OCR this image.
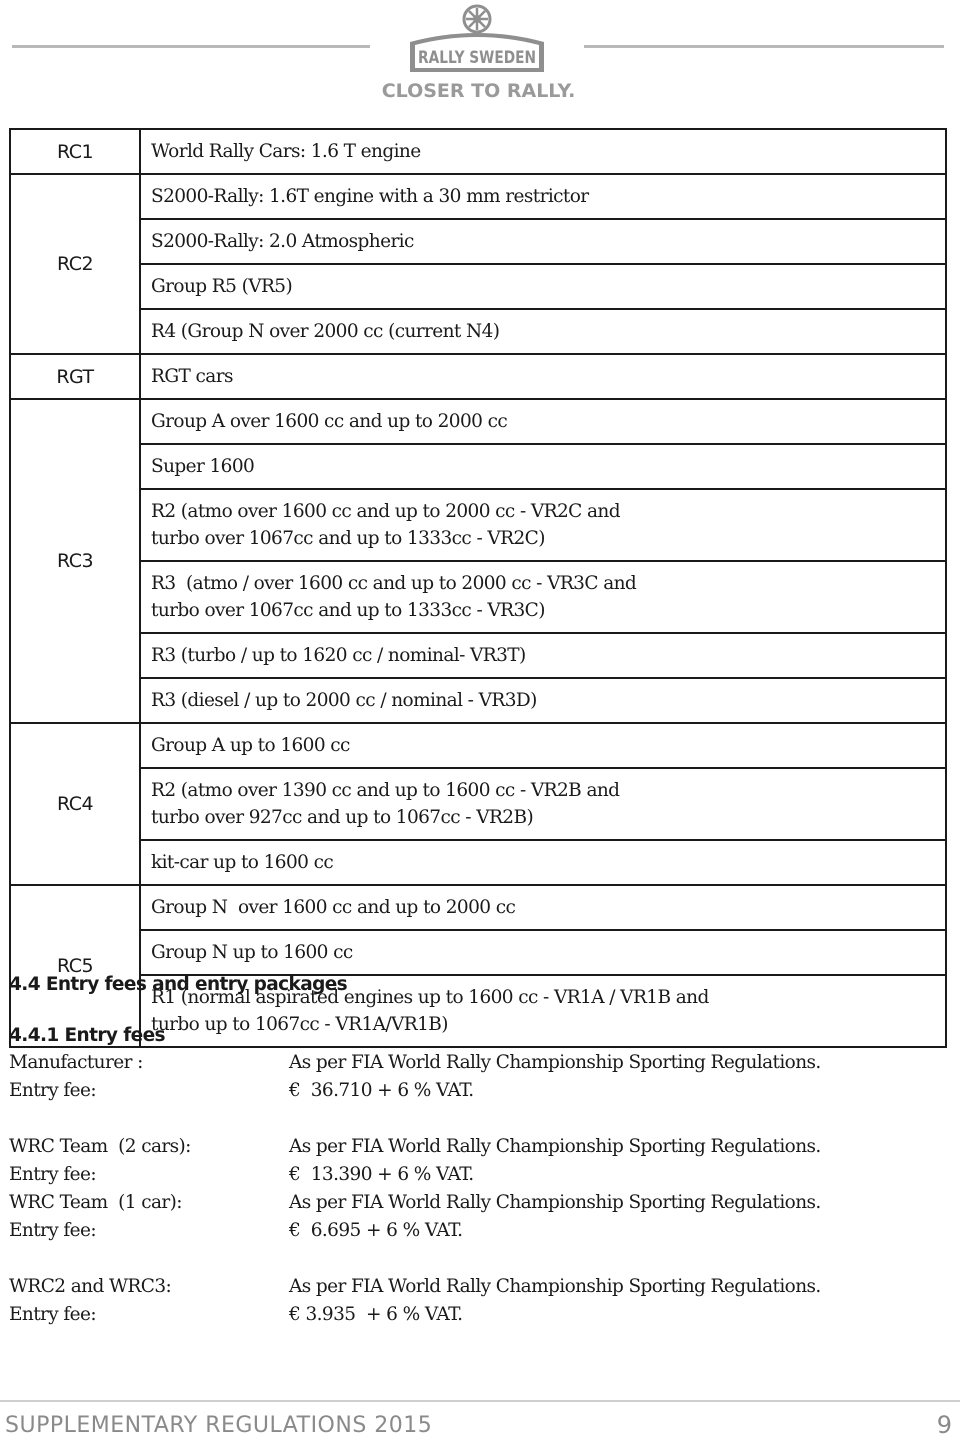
RALLY SWEDEN
CLOSER TO RALLY.
RC1	World Rally Cars: 1.6 T engine

RC2	S2000-Rally: 1.6T engine with a 30 mm restrictor

	S2000-Rally: 2.0 Atmospheric

	Group R5 (VR5)

	R4 (Group N over 2000 cc (current N4)

RGT	RGT cars

RC3	Group A over 1600 cc and up to 2000 cc

	Super 1600

	R2 (atmo over 1600 cc and up to 2000 cc - VR2C and
turbo over 1067cc and up to 1333cc - VR2C)

	R3  (atmo / over 1600 cc and up to 2000 cc - VR3C and
turbo over 1067cc and up to 1333cc - VR3C)

	R3 (turbo / up to 1620 cc / nominal- VR3T)

	R3 (diesel / up to 2000 cc / nominal - VR3D)

RC4	Group A up to 1600 cc

	R2 (atmo over 1390 cc and up to 1600 cc - VR2B and
turbo over 927cc and up to 1067cc - VR2B)

	kit-car up to 1600 cc

RC5	Group N  over 1600 cc and up to 2000 cc

	Group N up to 1600 cc

	R1 (normal aspirated engines up to 1600 cc - VR1A / VR1B and
turbo up to 1067cc - VR1A/VR1B)
4.4 Entry fees and entry packages
4.4.1 Entry fees
Manufacturer :	As per FIA World Rally Championship Sporting Regulations.
Entry fee:	€  36.710 + 6 % VAT.
WRC Team  (2 cars):	As per FIA World Rally Championship Sporting Regulations.
Entry fee:	€  13.390 + 6 % VAT.
WRC Team  (1 car):	As per FIA World Rally Championship Sporting Regulations.
Entry fee:	€  6.695 + 6 % VAT.
WRC2 and WRC3:	As per FIA World Rally Championship Sporting Regulations.
Entry fee:	€ 3.935  + 6 % VAT.
SUPPLEMENTARY REGULATIONS 2015	9
